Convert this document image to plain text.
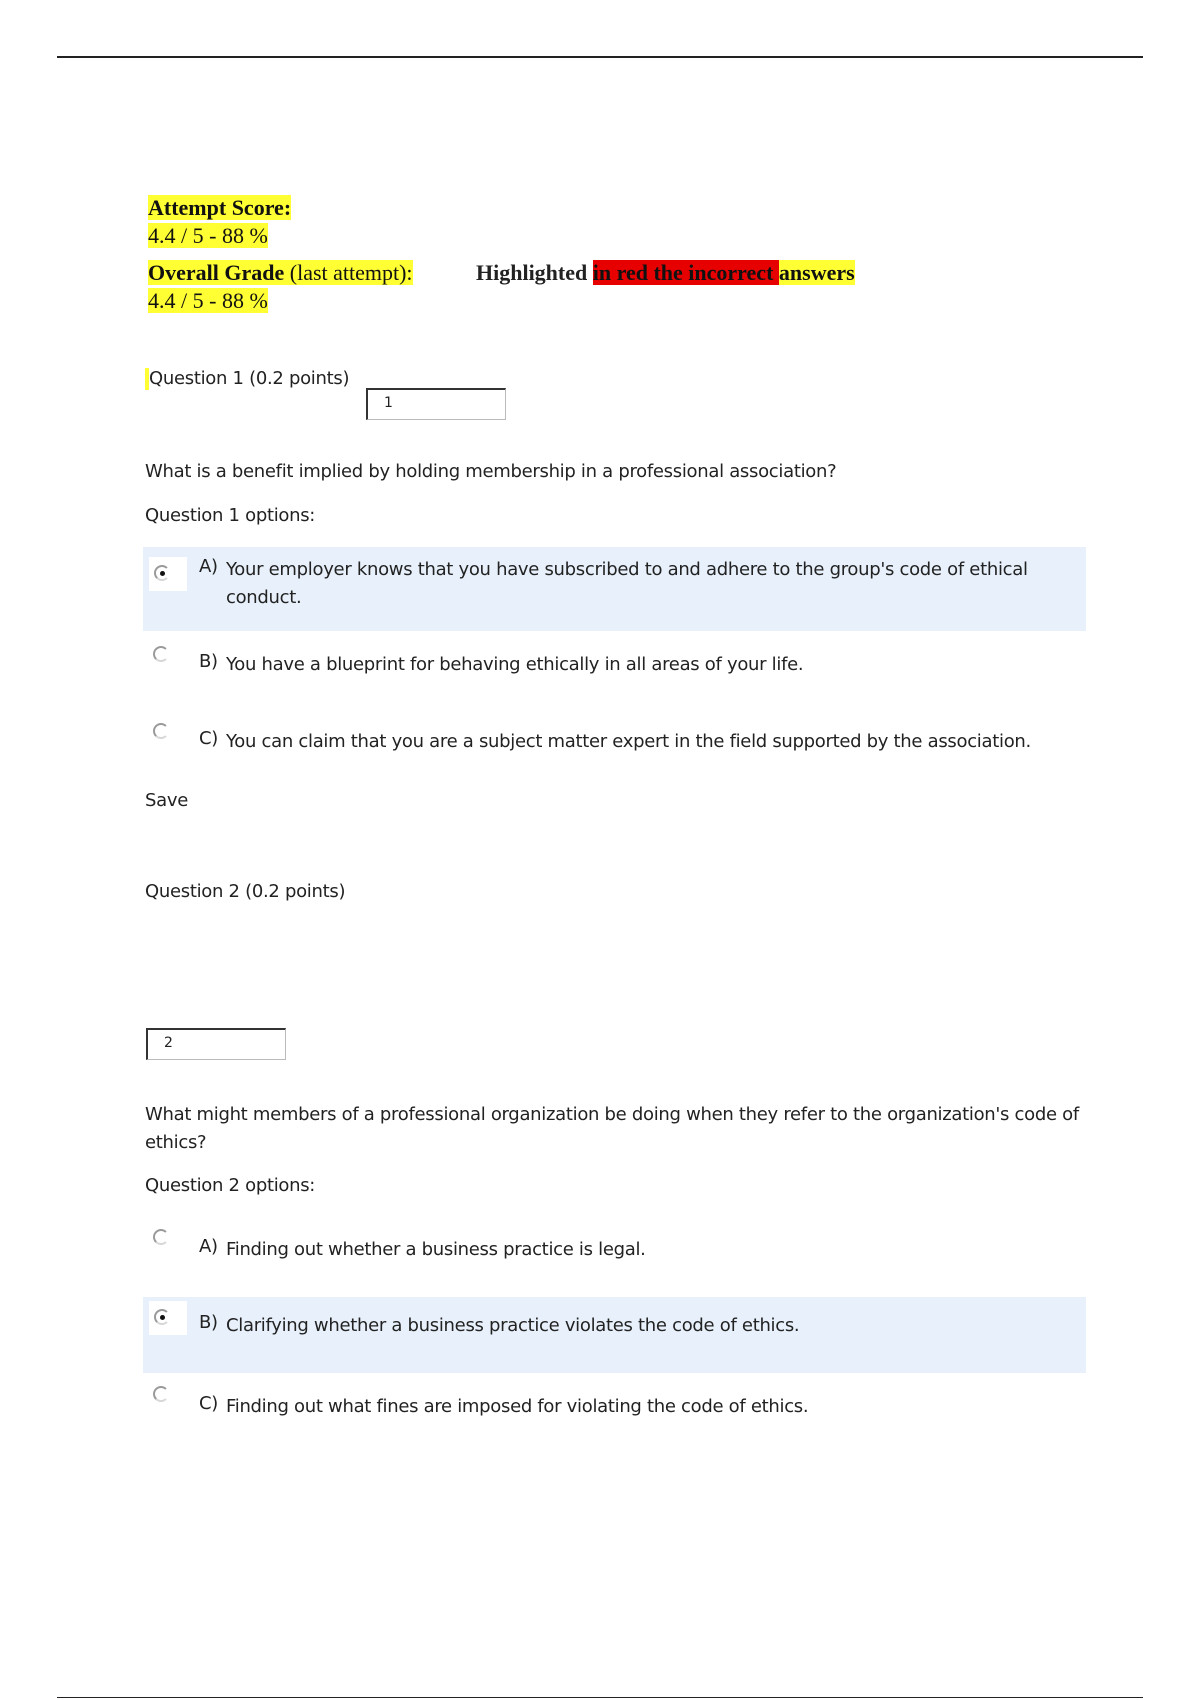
Attempt Score:
4.4 / 5 - 88 %
Overall Grade (last attempt):	Highlighted in red the incorrect answers
4.4 / 5 - 88 %
Question 1 (0.2 points)
1
What is a benefit implied by holding membership in a professional association?
Question 1 options:
A) Your employer knows that you have subscribed to and adhere to the group's code of ethical conduct.
B) You have a blueprint for behaving ethically in all areas of your life.
C) You can claim that you are a subject matter expert in the field supported by the association.
Save
Question 2 (0.2 points)
2
What might members of a professional organization be doing when they refer to the organization's code of ethics?
Question 2 options:
A) Finding out whether a business practice is legal.
B) Clarifying whether a business practice violates the code of ethics.
C) Finding out what fines are imposed for violating the code of ethics.
